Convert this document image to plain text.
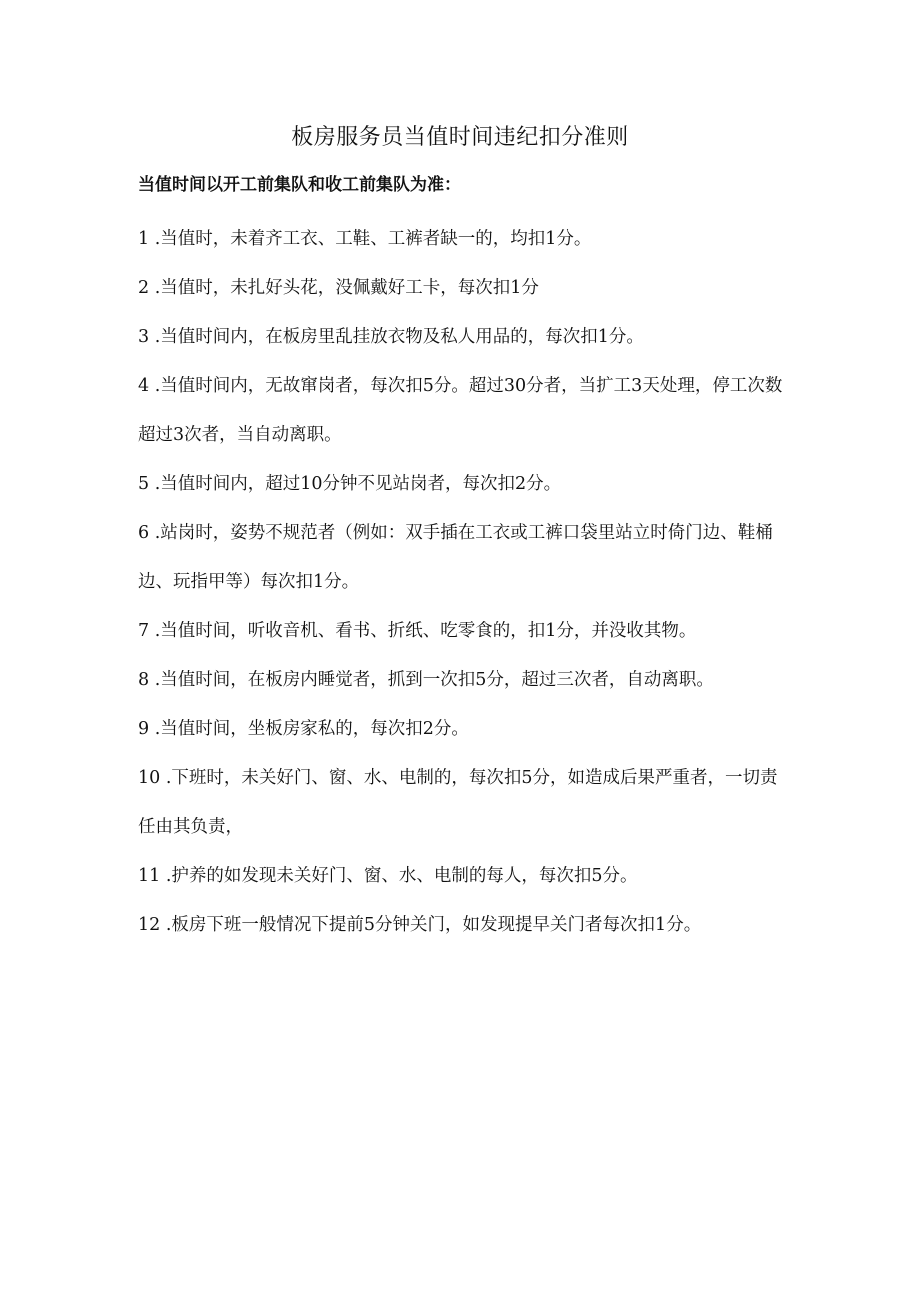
板房服务员当值时间违纪扣分准则

当值时间以开工前集队和收工前集队为准：

1 .当值时，未着齐工衣、工鞋、工裤者缺一的，均扣1分。
2 .当值时，未扎好头花，没佩戴好工卡，每次扣1分
3 .当值时间内，在板房里乱挂放衣物及私人用品的，每次扣1分。
4 .当值时间内，无故窜岗者，每次扣5分。超过30分者，当扩工3天处理，停工次数超过3次者，当自动离职。
5 .当值时间内，超过10分钟不见站岗者，每次扣2分。
6 .站岗时，姿势不规范者（例如：双手插在工衣或工裤口袋里站立时倚门边、鞋桶边、玩指甲等）每次扣1分。
7 .当值时间，听收音机、看书、折纸、吃零食的，扣1分，并没收其物。
8 .当值时间，在板房内睡觉者，抓到一次扣5分，超过三次者，自动离职。
9 .当值时间，坐板房家私的，每次扣2分。
10 .下班时，未关好门、窗、水、电制的，每次扣5分，如造成后果严重者，一切责任由其负责，
11 .护养的如发现未关好门、窗、水、电制的每人，每次扣5分。
12 .板房下班一般情况下提前5分钟关门，如发现提早关门者每次扣1分。
